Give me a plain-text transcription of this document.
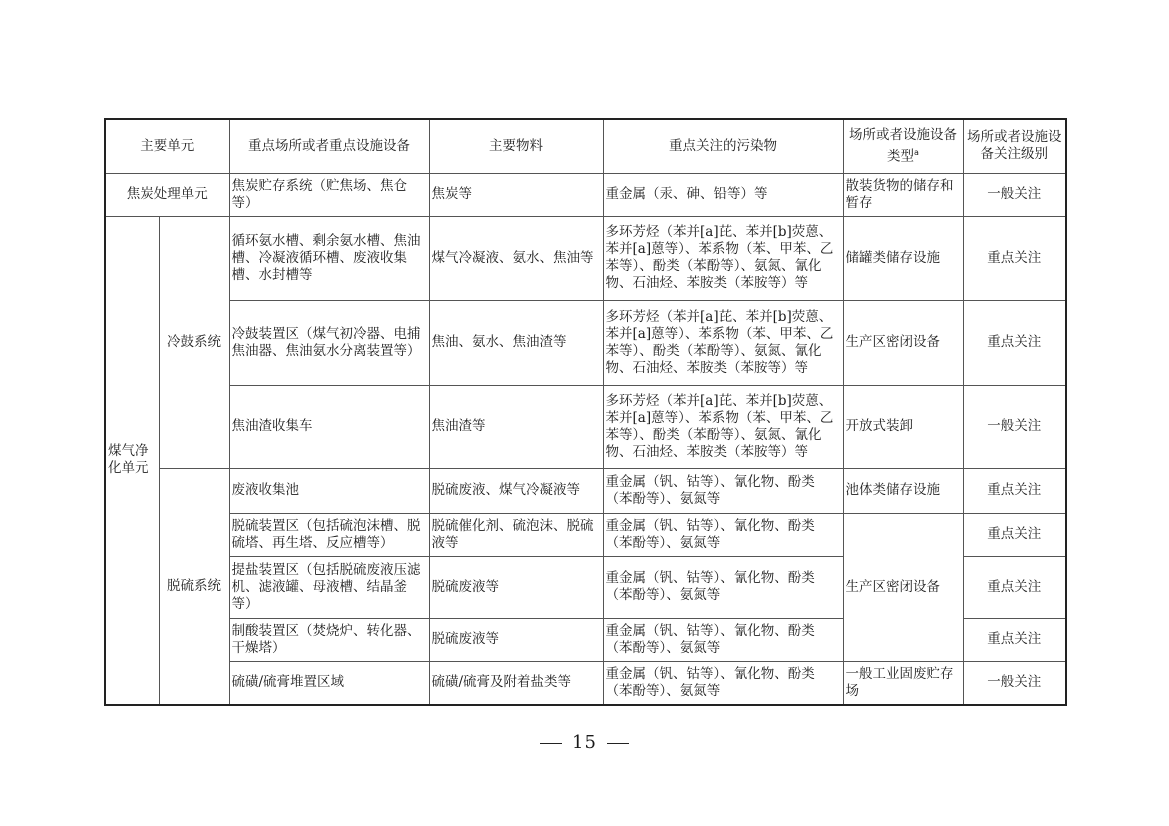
主要单元		重点场所或者重点设施设备	主要物料	重点关注的污染物	场所或者设施设备类型$^a$	场所或者设施设备关注级别
焦炭处理单元		焦炭贮存系统（贮焦场、焦仓等）	焦炭等	重金属（汞、砷、铅等）等	散装货物的储存和暂存	一般关注
煤气净化单元	冷鼓系统	循环氨水槽、剩余氨水槽、焦油槽、冷凝液循环槽、废液收集槽、水封槽等	煤气冷凝液、氨水、焦油等	多环芳烃（苯并[a]芘、苯并[b]荧蒽、苯并[a]蒽等）、苯系物（苯、甲苯、乙苯等）、酚类（苯酚等）、氨氮、氰化物、石油烃、苯胺类（苯胺等）等	储罐类储存设施	重点关注
		冷鼓装置区（煤气初冷器、电捕焦油器、焦油氨水分离装置等）	焦油、氨水、焦油渣等	多环芳烃（苯并[a]芘、苯并[b]荧蒽、苯并[a]蒽等）、苯系物（苯、甲苯、乙苯等）、酚类（苯酚等）、氨氮、氰化物、石油烃、苯胺类（苯胺等）等	生产区密闭设备	重点关注
		焦油渣收集车	焦油渣等	多环芳烃（苯并[a]芘、苯并[b]荧蒽、苯并[a]蒽等）、苯系物（苯、甲苯、乙苯等）、酚类（苯酚等）、氨氮、氰化物、石油烃、苯胺类（苯胺等）等	开放式装卸	一般关注
	脱硫系统	废液收集池	脱硫废液、煤气冷凝液等	重金属（钒、钴等）、氰化物、酚类（苯酚等）、氨氮等	池体类储存设施	重点关注
		脱硫装置区（包括硫泡沫槽、脱硫塔、再生塔、反应槽等）	脱硫催化剂、硫泡沫、脱硫液等	重金属（钒、钴等）、氰化物、酚类（苯酚等）、氨氮等	生产区密闭设备	重点关注
		提盐装置区（包括脱硫废液压滤机、滤液罐、母液槽、结晶釜等）	脱硫废液等	重金属（钒、钴等）、氰化物、酚类（苯酚等）、氨氮等		重点关注
		制酸装置区（焚烧炉、转化器、干燥塔）	脱硫废液等	重金属（钒、钴等）、氰化物、酚类（苯酚等）、氨氮等		重点关注
		硫磺/硫膏堆置区域	硫磺/硫膏及附着盐类等	重金属（钒、钴等）、氰化物、酚类（苯酚等）、氨氮等	一般工业固废贮存场	一般关注
15
